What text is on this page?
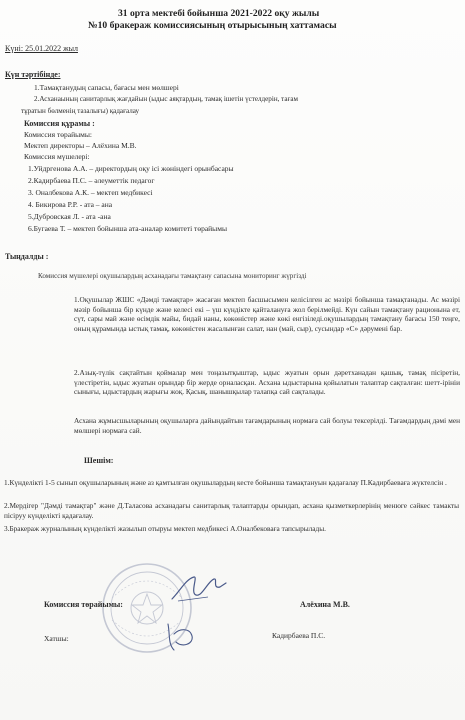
31 орта мектебі бойынша 2021-2022 оқу жылы
№10 бракераж комиссиясының отырысының хаттамасы
Күні: 25.01.2022 жыл
Күн тәртібінде:
1.Тамақтанудың сапасы, бағасы мен мөлшері
2.Асханаының санитарлық жағдайын (ыдыс аяқтардың, тамақ ішетін үстелдерін, тағам
тұратын бөлменің тазалығы) қадағалау
Комиссия құрамы :
Комиссия төрайымы:
Мектеп директоры – Алёхина М.В.
Комиссия мүшелері:
1.Уйдргенова А.А. – директордың оқу ісі жөніндегі орынбасары
2.Кадирбаева П.С. – әлеуметтік педагог
3. Оналбекова А.К. – мектеп медбикесі
4. Бикирова Р.Р. - ата – ана
5.Дубровская Л. - ата -ана
6.Бугаева Т. – мектеп бойынша ата-аналар комитеті төрайымы
Тыңдалды :
Комиссия мүшелері оқушылардың асханадағы тамақтану сапасына мониторинг жүргізді
1.Оқушылар ЖШС «Дәмді тамақтар» жасаған мектеп басшысымен келісілген ас мәзірі бойынша тамақтанады. Ас мәзірі мәзір бойынша бір күнде жәнe келесі екі – үш күндікте қайталануға жол берілмейді. Күн сайын тамақтану рационына ет, сүт, сары май және өсімдік майы, бидай наны, көкөністер және көкі енгізіледі.оқушылардың тамақтану бағасы 150 теңге, оның құрамында ыстық тамақ, көкөністен жасалынған салат, нан (май, сыр), сусындар «С» дәрумені бар.
2.Азық-түлік сақтайтын қоймалар мен тоңазытқыштар, ыдыс жуатын орын дәретханадан қашық, тамақ пісіретін, үлестіретін, ыдыс жуатын орындар бір жерде орналасқан. Асхана ыдыстарына қойылатын талаптар сақталған: шетт-ірініи сынығы, ыдыстардың жарығы жоқ. Қасық, шанышқылар талапқа сай сақталады.
Асхана жұмысшыларының оқушыларға дайындайтын тағамдарының нормаға сай болуы тексерілді. Тағамдардың дәмі мен мөлшері нормаға сай.
Шешім:
1.Күнделікті 1-5 сынып оқушыларының және аз қамтылған оқушылардың кесте бойынша тамақтануын қадағалау П.Кадирбаеваға жүктелсін .
2.Мердігер "Дәмді тамақтар" және Д.Таласова асханадағы санитарлық талаптарды орындап, асхана қызметкерлерінің менюге сәйкес тамакты пісіруу күнделікті қадағалау.
3.Бракераж журналының күнделікті жазылып отыруы мектеп медбикесі А.Оналбековаға тапсырылады.
Комиссия төрайымы:	Алёхина М.В.
Хатшы:	Кадирбаева П.С.
